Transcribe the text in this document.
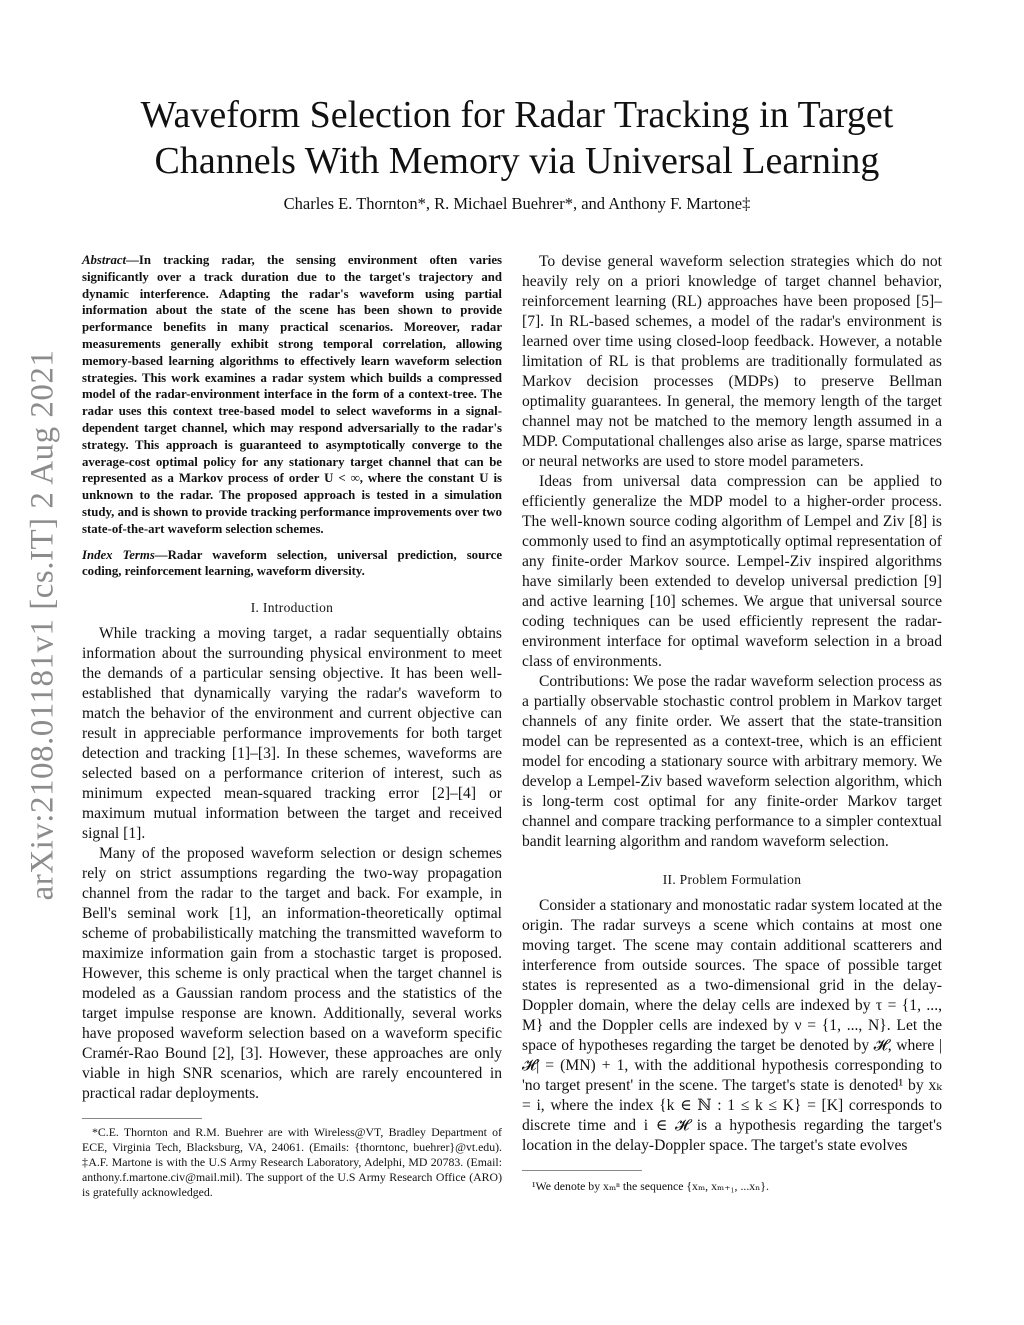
arXiv:2108.01181v1 [cs.IT] 2 Aug 2021
Waveform Selection for Radar Tracking in Target
Channels With Memory via Universal Learning
Charles E. Thornton*, R. Michael Buehrer*, and Anthony F. Martone‡

Abstract—In tracking radar, the sensing environment often varies significantly over a track duration due to the target's trajectory and dynamic interference. Adapting the radar's waveform using partial information about the state of the scene has been shown to provide performance benefits in many practical scenarios. Moreover, radar measurements generally exhibit strong temporal correlation, allowing memory-based learning algorithms to effectively learn waveform selection strategies. This work examines a radar system which builds a compressed model of the radar-environment interface in the form of a context-tree. The radar uses this context tree-based model to select waveforms in a signal-dependent target channel, which may respond adversarially to the radar's strategy. This approach is guaranteed to asymptotically converge to the average-cost optimal policy for any stationary target channel that can be represented as a Markov process of order U < ∞, where the constant U is unknown to the radar. The proposed approach is tested in a simulation study, and is shown to provide tracking performance improvements over two state-of-the-art waveform selection schemes.

Index Terms—Radar waveform selection, universal prediction, source coding, reinforcement learning, waveform diversity.

I. Introduction

While tracking a moving target, a radar sequentially obtains information about the surrounding physical environment to meet the demands of a particular sensing objective. It has been well-established that dynamically varying the radar's waveform to match the behavior of the environment and current objective can result in appreciable performance improvements for both target detection and tracking [1]–[3]. In these schemes, waveforms are selected based on a performance criterion of interest, such as minimum expected mean-squared tracking error [2]–[4] or maximum mutual information between the target and received signal [1].

Many of the proposed waveform selection or design schemes rely on strict assumptions regarding the two-way propagation channel from the radar to the target and back. For example, in Bell's seminal work [1], an information-theoretically optimal scheme of probabilistically matching the transmitted waveform to maximize information gain from a stochastic target is proposed. However, this scheme is only practical when the target channel is modeled as a Gaussian random process and the statistics of the target impulse response are known. Additionally, several works have proposed waveform selection based on a waveform specific Cramér-Rao Bound [2], [3]. However, these approaches are only viable in high SNR scenarios, which are rarely encountered in practical radar deployments.

*C.E. Thornton and R.M. Buehrer are with Wireless@VT, Bradley Department of ECE, Virginia Tech, Blacksburg, VA, 24061. (Emails: {thorntonc, buehrer}@vt.edu). ‡A.F. Martone is with the U.S Army Research Laboratory, Adelphi, MD 20783. (Email: anthony.f.martone.civ@mail.mil). The support of the U.S Army Research Office (ARO) is gratefully acknowledged.

To devise general waveform selection strategies which do not heavily rely on a priori knowledge of target channel behavior, reinforcement learning (RL) approaches have been proposed [5]–[7]. In RL-based schemes, a model of the radar's environment is learned over time using closed-loop feedback. However, a notable limitation of RL is that problems are traditionally formulated as Markov decision processes (MDPs) to preserve Bellman optimality guarantees. In general, the memory length of the target channel may not be matched to the memory length assumed in a MDP. Computational challenges also arise as large, sparse matrices or neural networks are used to store model parameters.

Ideas from universal data compression can be applied to efficiently generalize the MDP model to a higher-order process. The well-known source coding algorithm of Lempel and Ziv [8] is commonly used to find an asymptotically optimal representation of any finite-order Markov source. Lempel-Ziv inspired algorithms have similarly been extended to develop universal prediction [9] and active learning [10] schemes. We argue that universal source coding techniques can be used efficiently represent the radar-environment interface for optimal waveform selection in a broad class of environments.

Contributions: We pose the radar waveform selection process as a partially observable stochastic control problem in Markov target channels of any finite order. We assert that the state-transition model can be represented as a context-tree, which is an efficient model for encoding a stationary source with arbitrary memory. We develop a Lempel-Ziv based waveform selection algorithm, which is long-term cost optimal for any finite-order Markov target channel and compare tracking performance to a simpler contextual bandit learning algorithm and random waveform selection.

II. Problem Formulation

Consider a stationary and monostatic radar system located at the origin. The radar surveys a scene which contains at most one moving target. The scene may contain additional scatterers and interference from outside sources. The space of possible target states is represented as a two-dimensional grid in the delay-Doppler domain, where the delay cells are indexed by τ = {1, ..., M} and the Doppler cells are indexed by ν = {1, ..., N}. Let the space of hypotheses regarding the target be denoted by 𝓗, where |𝓗| = (MN) + 1, with the additional hypothesis corresponding to 'no target present' in the scene. The target's state is denoted¹ by xₖ = i, where the index {k ∈ ℕ : 1 ≤ k ≤ K} = [K] corresponds to discrete time and i ∈ 𝓗 is a hypothesis regarding the target's location in the delay-Doppler space. The target's state evolves

¹We denote by xₘⁿ the sequence {xₘ, xₘ₊₁, ...xₙ}.
